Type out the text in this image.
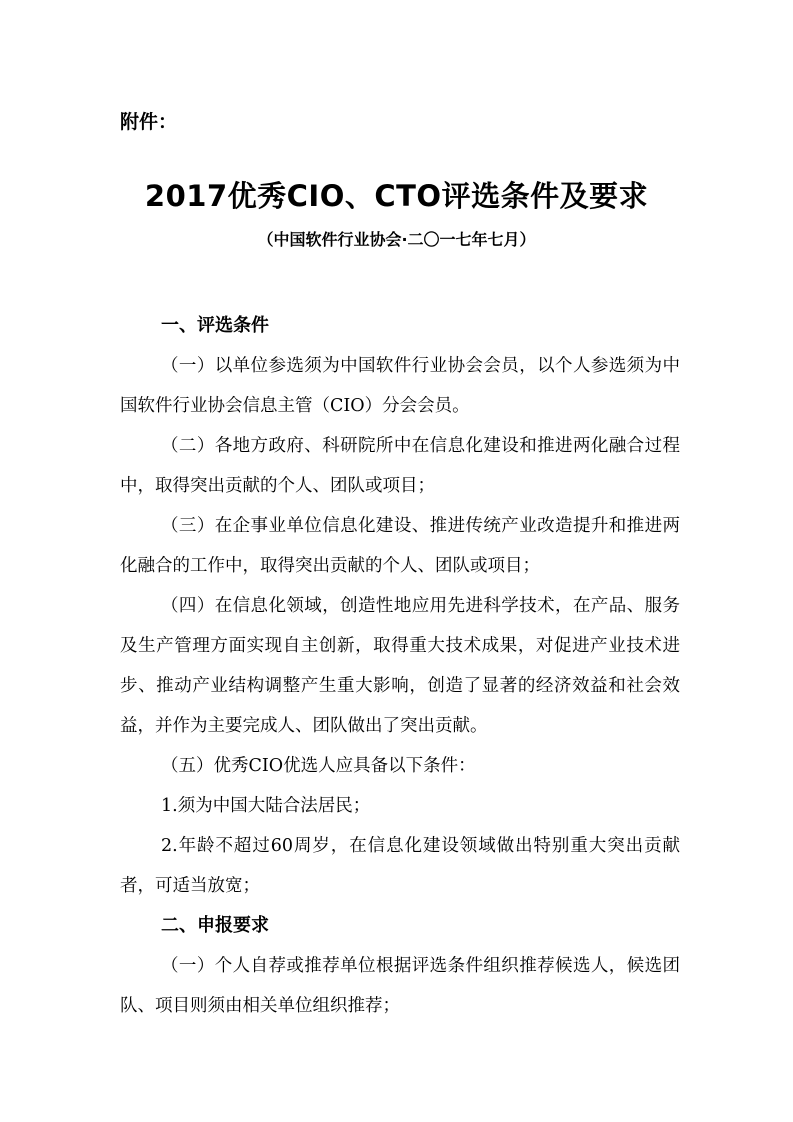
附件：
2017优秀CIO、CTO评选条件及要求
（中国软件行业协会·二〇一七年七月）
一、评选条件

（一）以单位参选须为中国软件行业协会会员，以个人参选须为中国软件行业协会信息主管（CIO）分会会员。

（二）各地方政府、科研院所中在信息化建设和推进两化融合过程中，取得突出贡献的个人、团队或项目；

（三）在企事业单位信息化建设、推进传统产业改造提升和推进两化融合的工作中，取得突出贡献的个人、团队或项目；

（四）在信息化领域，创造性地应用先进科学技术，在产品、服务及生产管理方面实现自主创新，取得重大技术成果，对促进产业技术进步、推动产业结构调整产生重大影响，创造了显著的经济效益和社会效益，并作为主要完成人、团队做出了突出贡献。

（五）优秀CIO优选人应具备以下条件：

1.须为中国大陆合法居民；

2.年龄不超过60周岁，在信息化建设领域做出特别重大突出贡献者，可适当放宽；

二、申报要求

（一）个人自荐或推荐单位根据评选条件组织推荐候选人，候选团队、项目则须由相关单位组织推荐；
